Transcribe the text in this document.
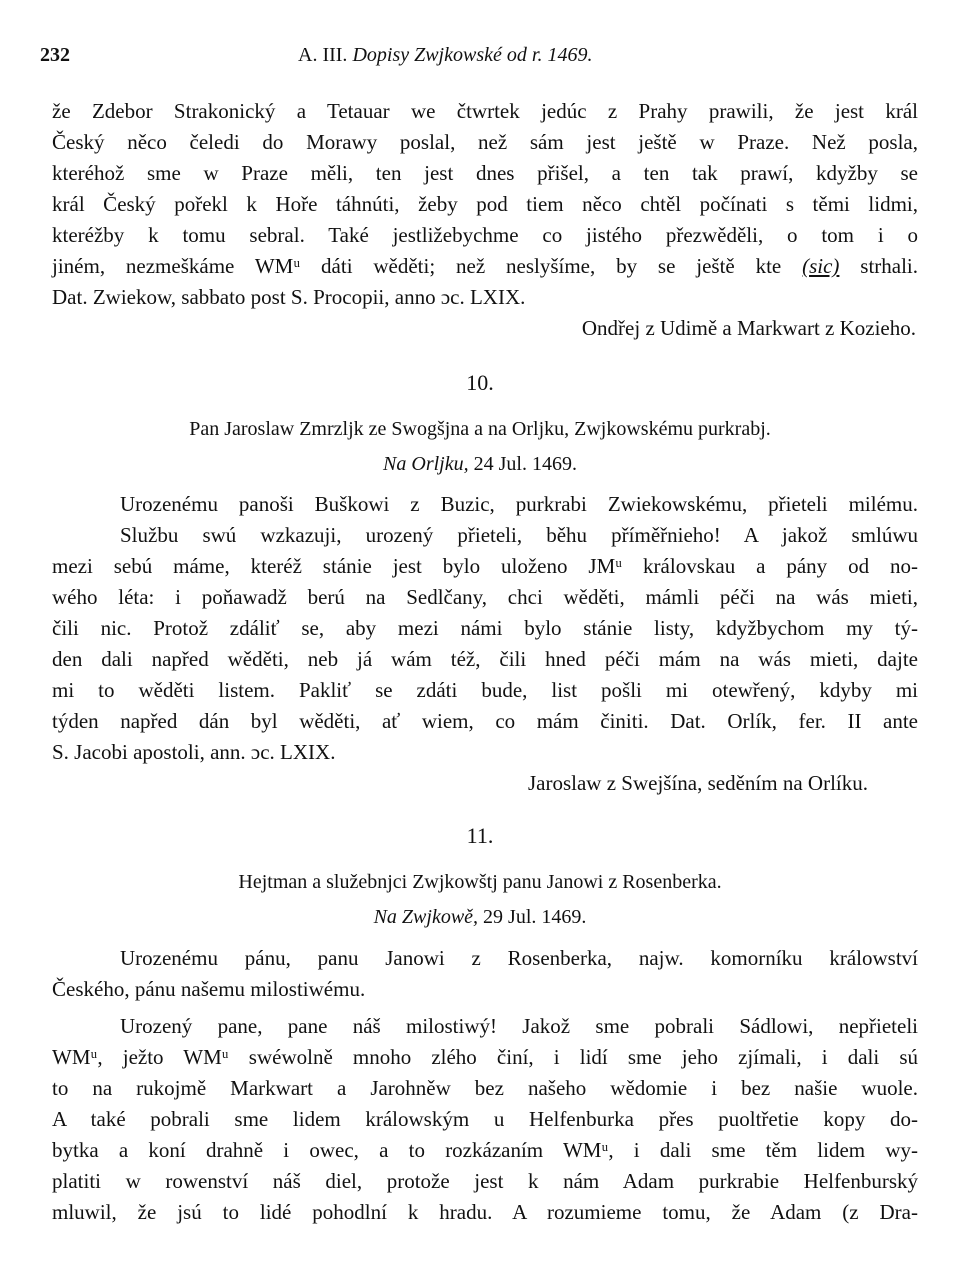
232	A. III. Dopisy Zwjkowské od r. 1469.
že Zdebor Strakonický a Tetauar we čtwrtek jedúc z Prahy prawili, že jest král
Český něco čeledi do Morawy poslal, než sám jest ještě w Praze. Než posla,
kteréhož sme w Praze měli, ten jest dnes přišel, a ten tak prawí, kdyžby se
král Český pořekl k Hoře táhnúti, žeby pod tiem něco chtěl počínati s těmi lidmi,
kteréžby k tomu sebral. Také jestližebychme co jistého přezwěděli, o tom i o
jiném, nezmeškáme WMᵘ dáti wěděti; než neslyšíme, by se ještě kte (sic) strhali.
Dat. Zwiekow, sabbato post S. Procopii, anno ɔc. LXIX.
Ondřej z Udimě a Markwart z Kozieho.
10.
Pan Jaroslaw Zmrzljk ze Swogšjna a na Orljku, Zwjkowskému purkrabj.
Na Orljku, 24 Jul. 1469.
Urozenému panoši Buškowi z Buzic, purkrabi Zwiekowskému, přieteli milému.
Službu swú wzkazuji, urozený přieteli, běhu příměřnieho! A jakož smlúwu
mezi sebú máme, kteréž stánie jest bylo uloženo JMᵘ královskau a pány od no-
wého léta: i poňawadž berú na Sedlčany, chci wěděti, mámli péči na wás mieti,
čili nic. Protož zdáliť se, aby mezi námi bylo stánie listy, kdyžbychom my tý-
den dali napřed wěděti, neb já wám též, čili hned péči mám na wás mieti, dajte
mi to wěděti listem. Pakliť se zdáti bude, list pošli mi otewřený, kdyby mi
týden napřed dán byl wěděti, ať wiem, co mám činiti. Dat. Orlík, fer. II ante
S. Jacobi apostoli, ann. ɔc. LXIX.
Jaroslaw z Swejšína, seděním na Orlíku.
11.
Hejtman a služebnjci Zwjkowštj panu Janowi z Rosenberka.
Na Zwjkowě, 29 Jul. 1469.
Urozenému pánu, panu Janowi z Rosenberka, najw. komorníku králowství
Českého, pánu našemu milostiwému.
Urozený pane, pane náš milostiwý! Jakož sme pobrali Sádlowi, nepřieteli
WMᵘ, ježto WMᵘ swéwolně mnoho zlého činí, i lidí sme jeho zjímali, i dali sú
to na rukojmě Markwart a Jarohněw bez našeho wědomie i bez našie wuole.
A také pobrali sme lidem králowským u Helfenburka přes puoltřetie kopy do-
bytka a koní drahně i owec, a to rozkázaním WMᵘ, i dali sme těm lidem wy-
platiti w rowenství náš diel, protože jest k nám Adam purkrabie Helfenburský
mluwil, že jsú to lidé pohodlní k hradu. A rozumieme tomu, že Adam (z Dra-
